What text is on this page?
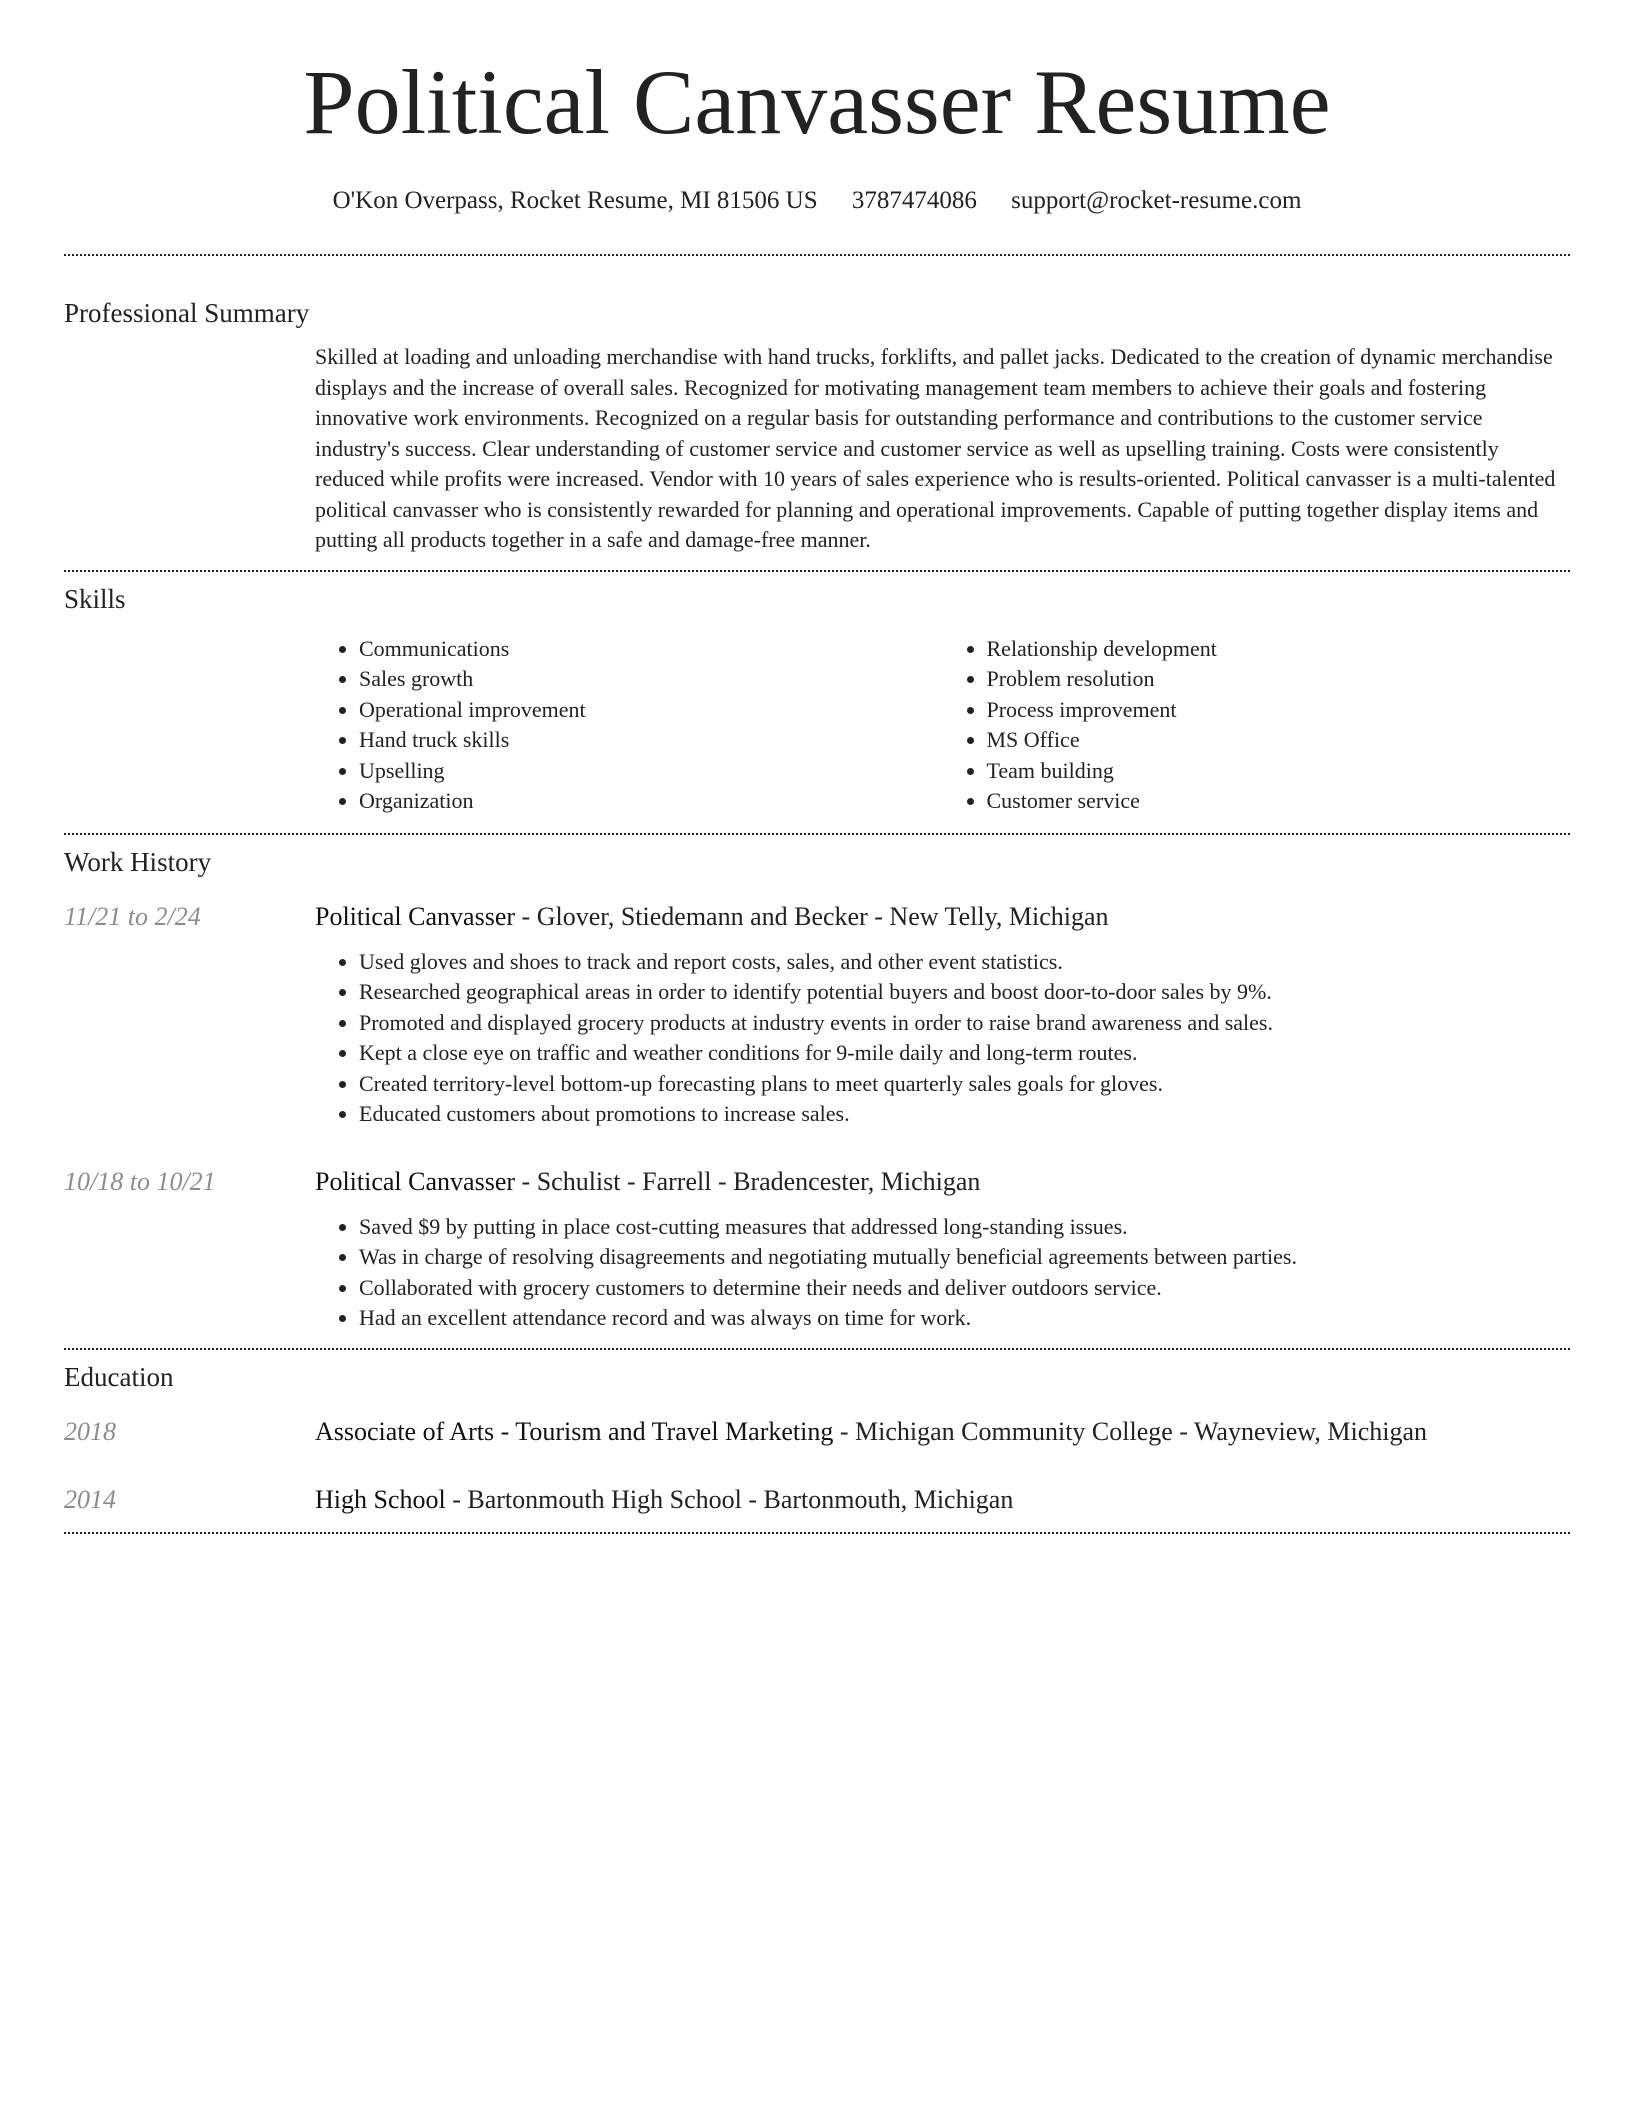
Political Canvasser Resume
O'Kon Overpass, Rocket Resume, MI 81506 US 3787474086 support@rocket-resume.com
Professional Summary

Skilled at loading and unloading merchandise with hand trucks, forklifts, and pallet jacks. Dedicated to the creation of dynamic merchandise displays and the increase of overall sales. Recognized for motivating management team members to achieve their goals and fostering innovative work environments. Recognized on a regular basis for outstanding performance and contributions to the customer service industry's success. Clear understanding of customer service and customer service as well as upselling training. Costs were consistently reduced while profits were increased. Vendor with 10 years of sales experience who is results-oriented. Political canvasser is a multi-talented political canvasser who is consistently rewarded for planning and operational improvements. Capable of putting together display items and putting all products together in a safe and damage-free manner.

Skills
• Communications
• Sales growth
• Operational improvement
• Hand truck skills
• Upselling
• Organization
• Relationship development
• Problem resolution
• Process improvement
• MS Office
• Team building
• Customer service
Work History
11/21 to 2/24	Political Canvasser - Glover, Stiedemann and Becker - New Telly, Michigan
• Used gloves and shoes to track and report costs, sales, and other event statistics.
• Researched geographical areas in order to identify potential buyers and boost door-to-door sales by 9%.
• Promoted and displayed grocery products at industry events in order to raise brand awareness and sales.
• Kept a close eye on traffic and weather conditions for 9-mile daily and long-term routes.
• Created territory-level bottom-up forecasting plans to meet quarterly sales goals for gloves.
• Educated customers about promotions to increase sales.
10/18 to 10/21	Political Canvasser - Schulist - Farrell - Bradencester, Michigan
• Saved $9 by putting in place cost-cutting measures that addressed long-standing issues.
• Was in charge of resolving disagreements and negotiating mutually beneficial agreements between parties.
• Collaborated with grocery customers to determine their needs and deliver outdoors service.
• Had an excellent attendance record and was always on time for work.
Education
2018	Associate of Arts - Tourism and Travel Marketing - Michigan Community College - Wayneview, Michigan
2014	High School - Bartonmouth High School - Bartonmouth, Michigan
